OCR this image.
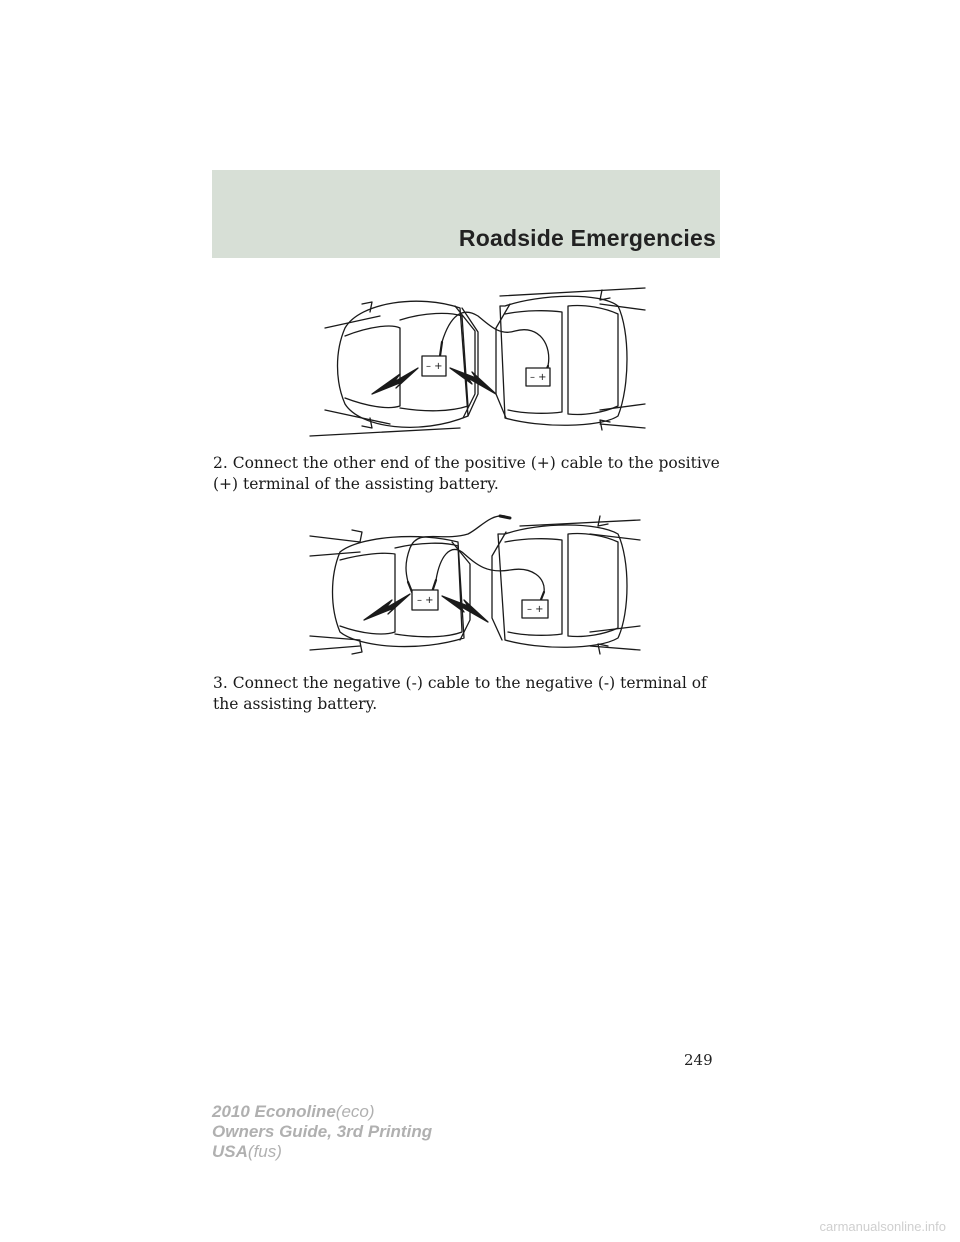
Roadside Emergencies
– +
– +

2. Connect the other end of the positive (+) cable to the positive (+) terminal of the assisting battery.

– +
– +

3. Connect the negative (-) cable to the negative (-) terminal of the assisting battery.

249

2010 Econoline(eco)
Owners Guide, 3rd Printing
USA(fus)
carmanualsonline.info
